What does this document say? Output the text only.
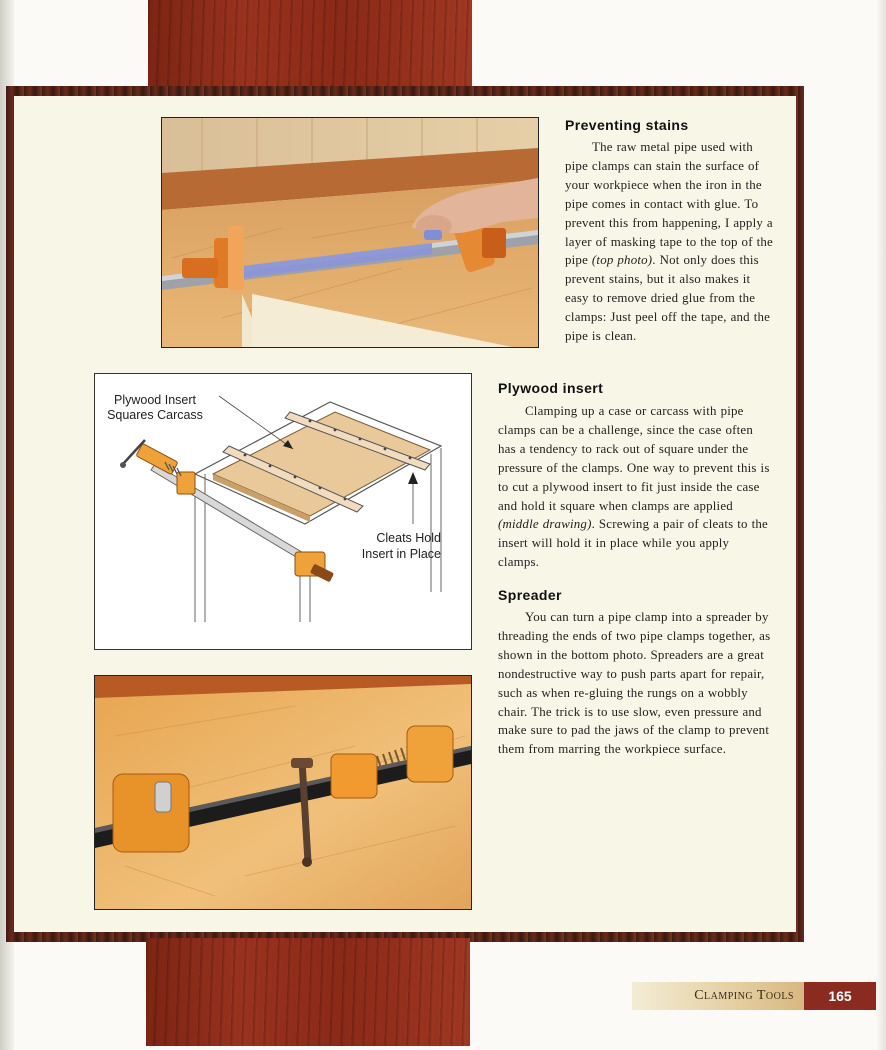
Plywood Insert
Squares Carcass
Cleats Hold
Insert in Place
Preventing stains

The raw metal pipe used with pipe clamps can stain the surface of your workpiece when the iron in the pipe comes in contact with glue. To prevent this from happening, I apply a layer of masking tape to the top of the pipe (top photo). Not only does this prevent stains, but it also makes it easy to remove dried glue from the clamps: Just peel off the tape, and the pipe is clean.

Plywood insert

Clamping up a case or carcass with pipe clamps can be a challenge, since the case often has a tendency to rack out of square under the pressure of the clamps. One way to prevent this is to cut a plywood insert to fit just inside the case and hold it square when clamps are applied (middle drawing). Screwing a pair of cleats to the insert will hold it in place while you apply clamps.

Spreader

You can turn a pipe clamp into a spreader by threading the ends of two pipe clamps together, as shown in the bottom photo. Spreaders are a great nondestructive way to push parts apart for repair, such as when re-gluing the rungs on a wobbly chair. The trick is to use slow, even pressure and make sure to pad the jaws of the clamp to prevent them from marring the workpiece surface.

Clamping Tools	165
